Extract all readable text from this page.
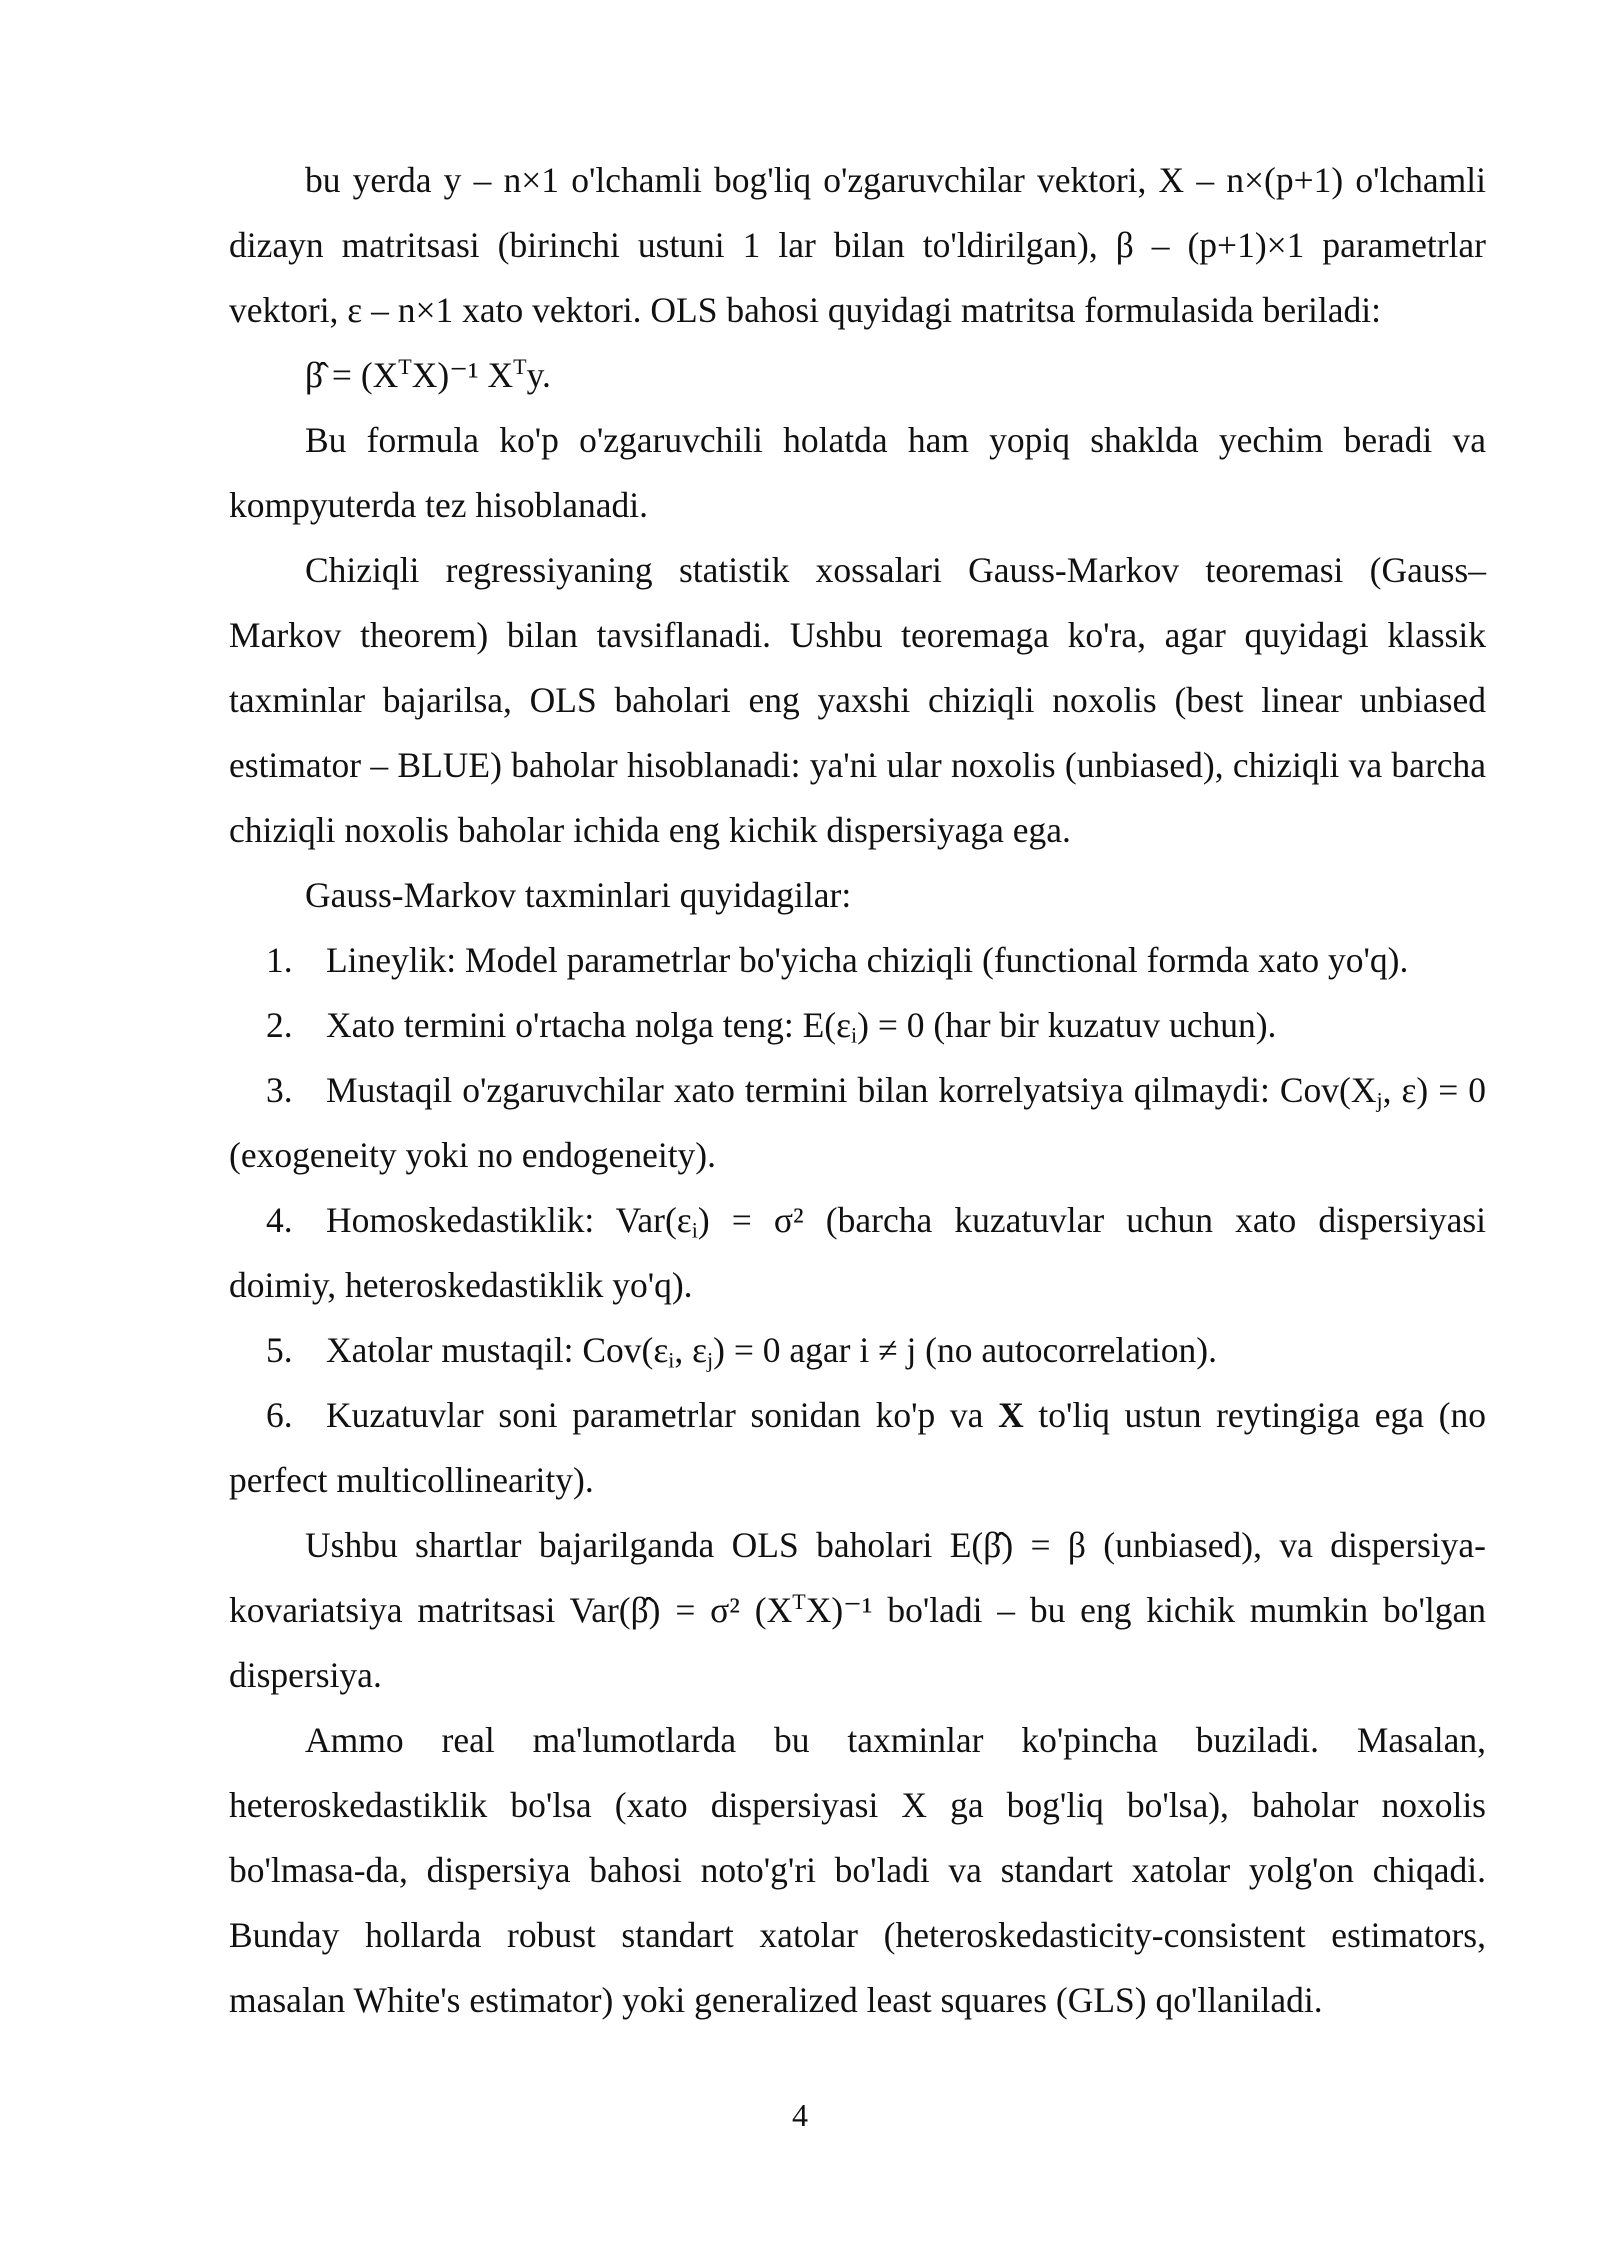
bu yerda y – n×1 o'lchamli bog'liq o'zgaruvchilar vektori, X – n×(p+1) o'lchamli dizayn matritsasi (birinchi ustuni 1 lar bilan to'ldirilgan), β – (p+1)×1 parametrlar vektori, ε – n×1 xato vektori. OLS bahosi quyidagi matritsa formulasida beriladi:

β̂ = $(X^TX)^{-1}$ $X^Ty$.

Bu formula ko'p o'zgaruvchili holatda ham yopiq shaklda yechim beradi va kompyuterda tez hisoblanadi.

Chiziqli regressiyaning statistik xossalari Gauss-Markov teoremasi (Gauss–Markov theorem) bilan tavsiflanadi. Ushbu teoremaga ko'ra, agar quyidagi klassik taxminlar bajarilsa, OLS baholari eng yaxshi chiziqli noxolis (best linear unbiased estimator – BLUE) baholar hisoblanadi: ya'ni ular noxolis (unbiased), chiziqli va barcha chiziqli noxolis baholar ichida eng kichik dispersiyaga ega.

Gauss-Markov taxminlari quyidagilar:

1. Lineylik: Model parametrlar bo'yicha chiziqli (functional formda xato yo'q).

2. Xato termini o'rtacha nolga teng: $E(\varepsilon_i) = 0$ (har bir kuzatuv uchun).

3. Mustaqil o'zgaruvchilar xato termini bilan korrelyatsiya qilmaydi: $Cov(X_j$, ε) = 0 (exogeneity yoki no endogeneity).

4. Homoskedastiklik: $Var(\varepsilon_i) = \sigma^2$ (barcha kuzatuvlar uchun xato dispersiyasi doimiy, heteroskedastiklik yo'q).

5. Xatolar mustaqil: $Cov(\varepsilon_i$, $\varepsilon_j) = 0$ agar i ≠ j (no autocorrelation).

6. Kuzatuvlar soni parametrlar sonidan ko'p va X to'liq ustun reytingiga ega (no perfect multicollinearity).

Ushbu shartlar bajarilganda OLS baholari E(β̂) = β (unbiased), va dispersiya-kovariatsiya matritsasi Var(β̂) = σ² $(X^TX)^{-1}$ bo'ladi – bu eng kichik mumkin bo'lgan dispersiya.

Ammo real ma'lumotlarda bu taxminlar ko'pincha buziladi. Masalan, heteroskedastiklik bo'lsa (xato dispersiyasi X ga bog'liq bo'lsa), baholar noxolis bo'lmasa-da, dispersiya bahosi noto'g'ri bo'ladi va standart xatolar yolg'on chiqadi. Bunday hollarda robust standart xatolar (heteroskedasticity-consistent estimators, masalan White's estimator) yoki generalized least squares (GLS) qo'llaniladi.

4
